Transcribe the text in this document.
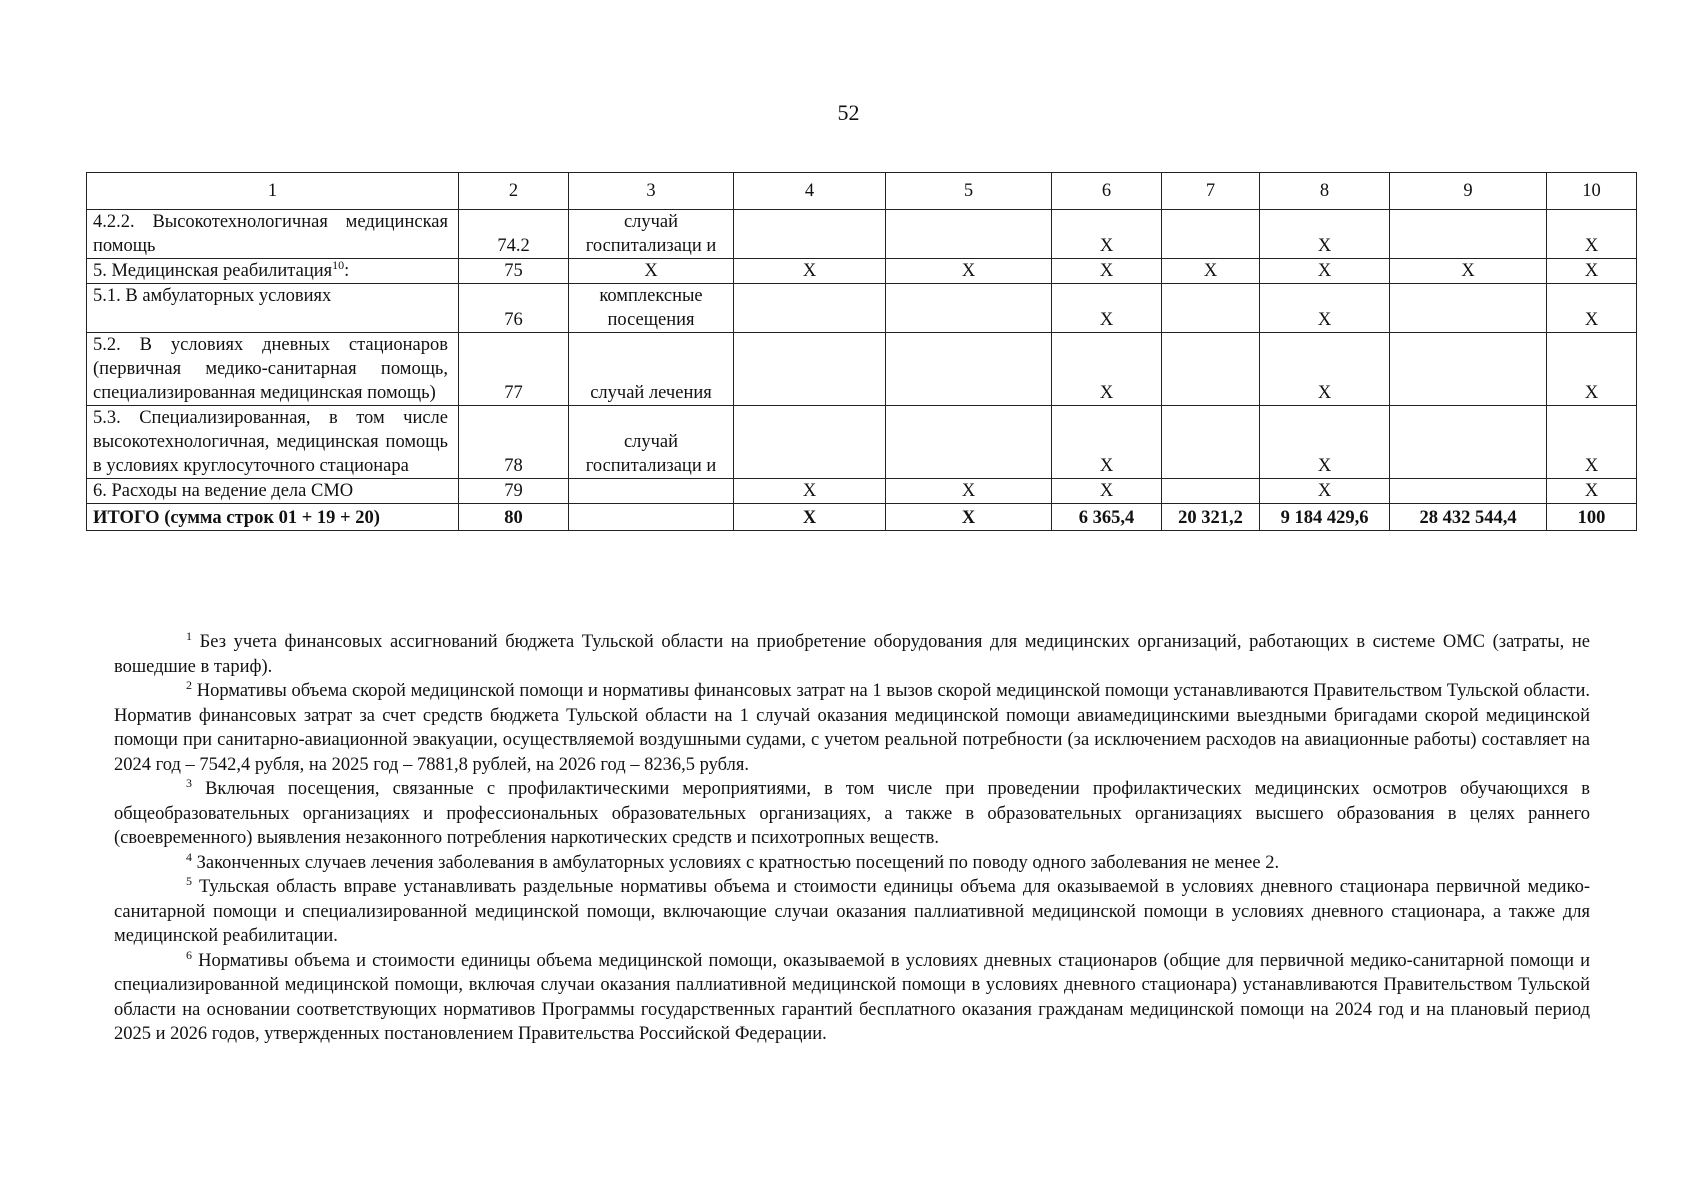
52
1	2	3	4	5	6	7	8	9	10
4.2.2. Высокотехнологичная медицинская помощь	74.2	случай госпитализаци и			X		X		X
5. Медицинская реабилитация$^{10}$:	75	X	X	X	X	X	X	X	X
5.1. В амбулаторных условиях	76	комплексные посещения			X		X		X
5.2. В условиях дневных стационаров (первичная медико-санитарная помощь, специализированная медицинская помощь)	77	случай лечения			X		X		X
5.3. Специализированная, в том числе высокотехнологичная, медицинская помощь в условиях круглосуточного стационара	78	случай госпитализаци и			X		X		X
6. Расходы на ведение дела СМО	79		X	X	X		X		X
ИТОГО (сумма строк 01 + 19 + 20)	80		X	X	6 365,4	20 321,2	9 184 429,6	28 432 544,4	100

$^1$ Без учета финансовых ассигнований бюджета Тульской области на приобретение оборудования для медицинских организаций, работающих в системе ОМС (затраты, не вошедшие в тариф).

$^2$ Нормативы объема скорой медицинской помощи и нормативы финансовых затрат на 1 вызов скорой медицинской помощи устанавливаются Правительством Тульской области. Норматив финансовых затрат за счет средств бюджета Тульской области на 1 случай оказания медицинской помощи авиамедицинскими выездными бригадами скорой медицинской помощи при санитарно-авиационной эвакуации, осуществляемой воздушными судами, с учетом реальной потребности (за исключением расходов на авиационные работы) составляет на 2024 год – 7542,4 рубля, на 2025 год – 7881,8 рублей, на 2026 год – 8236,5 рубля.

$^3$ Включая посещения, связанные с профилактическими мероприятиями, в том числе при проведении профилактических медицинских осмотров обучающихся в общеобразовательных организациях и профессиональных образовательных организациях, а также в образовательных организациях высшего образования в целях раннего (своевременного) выявления незаконного потребления наркотических средств и психотропных веществ.

$^4$ Законченных случаев лечения заболевания в амбулаторных условиях с кратностью посещений по поводу одного заболевания не менее 2.

$^5$ Тульская область вправе устанавливать раздельные нормативы объема и стоимости единицы объема для оказываемой в условиях дневного стационара первичной медико-санитарной помощи и специализированной медицинской помощи, включающие случаи оказания паллиативной медицинской помощи в условиях дневного стационара, а также для медицинской реабилитации.

$^6$ Нормативы объема и стоимости единицы объема медицинской помощи, оказываемой в условиях дневных стационаров (общие для первичной медико-санитарной помощи и специализированной медицинской помощи, включая случаи оказания паллиативной медицинской помощи в условиях дневного стационара) устанавливаются Правительством Тульской области на основании соответствующих нормативов Программы государственных гарантий бесплатного оказания гражданам медицинской помощи на 2024 год и на плановый период 2025 и 2026 годов, утвержденных постановлением Правительства Российской Федерации.
